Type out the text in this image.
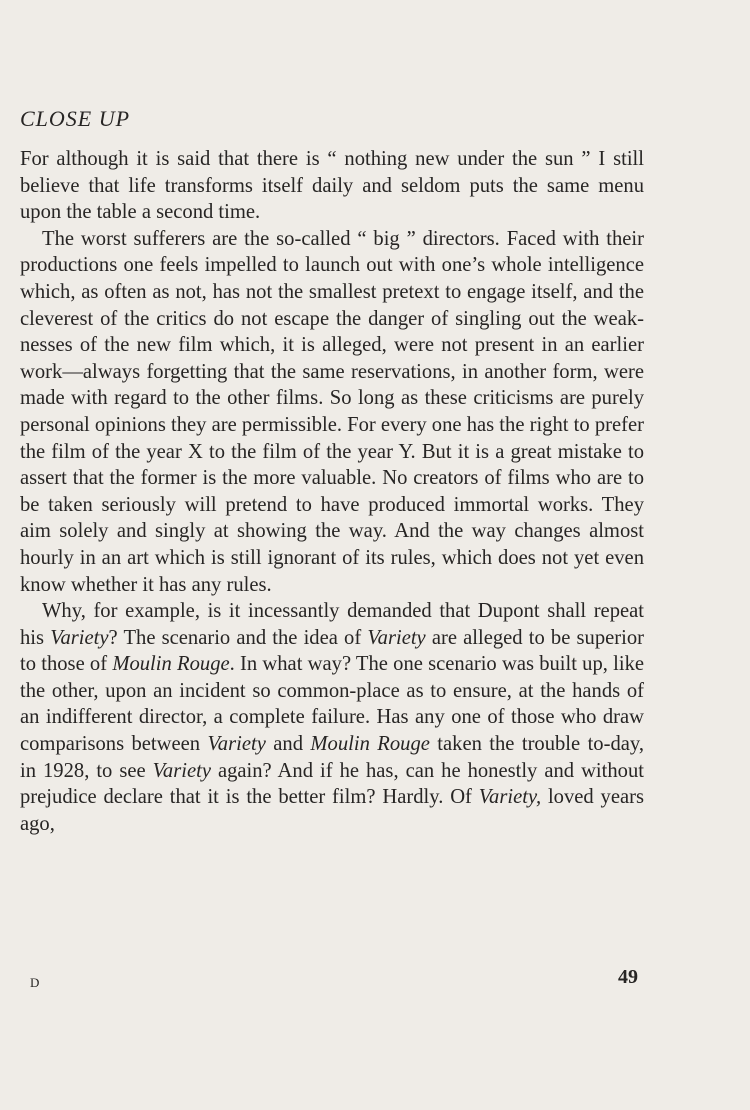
CLOSE UP

For although it is said that there is “ nothing new under the sun ” I still believe that life transforms itself daily and seldom puts the same menu upon the table a second time.

The worst sufferers are the so-called “ big ” directors. Faced with their productions one feels impelled to launch out with one’s whole intelligence which, as often as not, has not the smallest pretext to engage itself, and the cleverest of the critics do not escape the danger of singling out the weaknesses of the new film which, it is alleged, were not present in an earlier work—always forgetting that the same reservations, in another form, were made with regard to the other films. So long as these criticisms are purely personal opinions they are permissible. For every one has the right to prefer the film of the year X to the film of the year Y. But it is a great mistake to assert that the former is the more valuable. No creators of films who are to be taken seriously will pretend to have produced immortal works. They aim solely and singly at showing the way. And the way changes almost hourly in an art which is still ignorant of its rules, which does not yet even know whether it has any rules.

Why, for example, is it incessantly demanded that Dupont shall repeat his Variety? The scenario and the idea of Variety are alleged to be superior to those of Moulin Rouge. In what way? The one scenario was built up, like the other, upon an incident so common-place as to ensure, at the hands of an indifferent director, a complete failure. Has any one of those who draw comparisons between Variety and Moulin Rouge taken the trouble to-day, in 1928, to see Variety again? And if he has, can he honestly and without prejudice declare that it is the better film? Hardly. Of Variety, loved years ago,

D	49
